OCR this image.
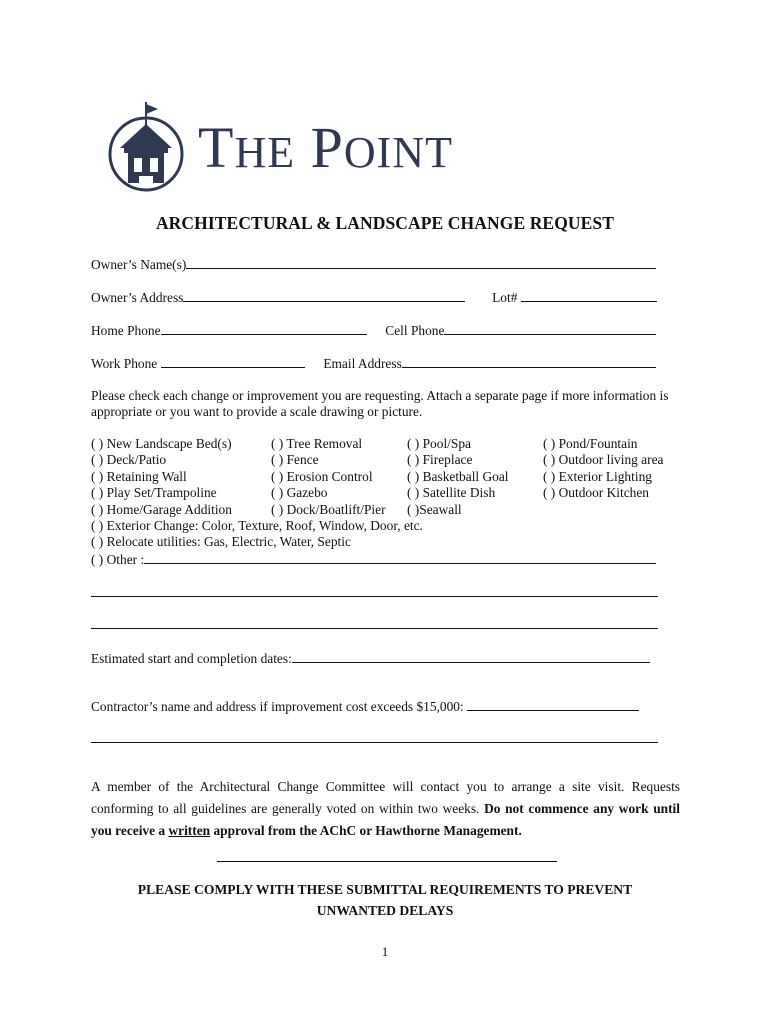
THE POINT
ARCHITECTURAL & LANDSCAPE CHANGE REQUEST
Owner’s Name(s)
Owner’s Address	Lot#
Home Phone	Cell Phone
Work Phone	Email Address
Please check each change or improvement you are requesting. Attach a separate page if more information is appropriate or you want to provide a scale drawing or picture.
( ) New Landscape Bed(s)	( ) Tree Removal	( ) Pool/Spa	( ) Pond/Fountain
( ) Deck/Patio	( ) Fence	( ) Fireplace	( ) Outdoor living area
( ) Retaining Wall	( ) Erosion Control	( ) Basketball Goal	( ) Exterior Lighting
( ) Play Set/Trampoline	( ) Gazebo	( ) Satellite Dish	( ) Outdoor Kitchen
( ) Home/Garage Addition	( ) Dock/Boatlift/Pier ( )Seawall
( ) Exterior Change: Color, Texture, Roof, Window, Door, etc.
( ) Relocate utilities: Gas, Electric, Water, Septic
( ) Other :
Estimated start and completion dates:
Contractor’s name and address if improvement cost exceeds $15,000:
A member of the Architectural Change Committee will contact you to arrange a site visit. Requests conforming to all guidelines are generally voted on within two weeks. Do not commence any work until you receive a written approval from the AChC or Hawthorne Management.
PLEASE COMPLY WITH THESE SUBMITTAL REQUIREMENTS TO PREVENT
UNWANTED DELAYS
1
